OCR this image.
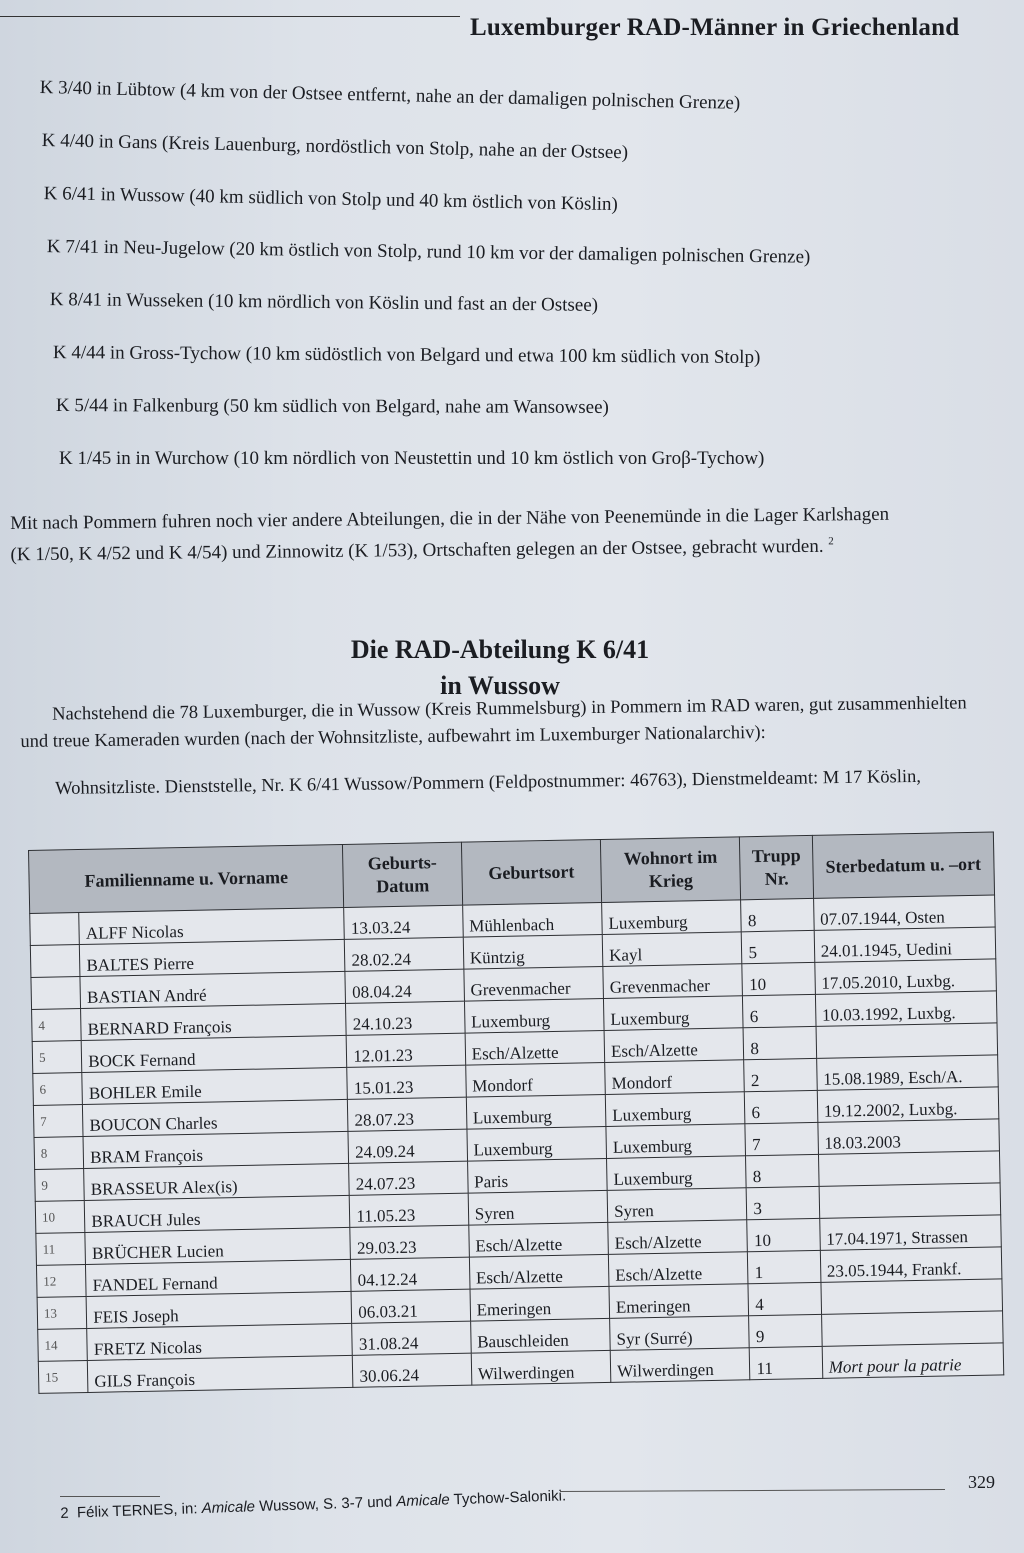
Luxemburger RAD-Männer in Griechenland
K 3/40 in Lübtow (4 km von der Ostsee entfernt, nahe an der damaligen polnischen Grenze)
K 4/40 in Gans (Kreis Lauenburg, nordöstlich von Stolp, nahe an der Ostsee)
K 6/41 in Wussow (40 km südlich von Stolp und 40 km östlich von Köslin)
K 7/41 in Neu-Jugelow (20 km östlich von Stolp, rund 10 km vor der damaligen polnischen Grenze)
K 8/41 in Wusseken (10 km nördlich von Köslin und fast an der Ostsee)
K 4/44 in Gross-Tychow (10 km südöstlich von Belgard und etwa 100 km südlich von Stolp)
K 5/44 in Falkenburg (50 km südlich von Belgard, nahe am Wansowsee)
K 1/45 in in Wurchow (10 km nördlich von Neustettin und 10 km östlich von Groβ-Tychow)
Mit nach Pommern fuhren noch vier andere Abteilungen, die in der Nähe von Peenemünde in die Lager Karlshagen
(K 1/50, K 4/52 und K 4/54) und Zinnowitz (K 1/53), Ortschaften gelegen an der Ostsee, gebracht wurden. $^2$
Die RAD-Abteilung K 6/41
in Wussow
Nachstehend die 78 Luxemburger, die in Wussow (Kreis Rummelsburg) in Pommern im RAD waren, gut zusammenhielten
und treue Kameraden wurden (nach der Wohnsitzliste, aufbewahrt im Luxemburger Nationalarchiv):
Wohnsitzliste. Dienststelle, Nr. K 6/41 Wussow/Pommern (Feldpostnummer: 46763), Dienstmeldeamt: M 17 Köslin,
Familienname u. Vorname		Geburts-Datum	Geburtsort	Wohnort im Krieg	Trupp Nr.	Sterbedatum u. –ort
	ALFF Nicolas	13.03.24	Mühlenbach	Luxemburg	8	07.07.1944, Osten
	BALTES Pierre	28.02.24	Küntzig	Kayl	5	24.01.1945, Uedini
	BASTIAN André	08.04.24	Grevenmacher	Grevenmacher	10	17.05.2010, Luxbg.
4	BERNARD François	24.10.23	Luxemburg	Luxemburg	6	10.03.1992, Luxbg.
5	BOCK Fernand	12.01.23	Esch/Alzette	Esch/Alzette	8	
6	BOHLER Emile	15.01.23	Mondorf	Mondorf	2	15.08.1989, Esch/A.
7	BOUCON Charles	28.07.23	Luxemburg	Luxemburg	6	19.12.2002, Luxbg.
8	BRAM François	24.09.24	Luxemburg	Luxemburg	7	18.03.2003
9	BRASSEUR Alex(is)	24.07.23	Paris	Luxemburg	8	
10	BRAUCH Jules	11.05.23	Syren	Syren	3	
11	BRÜCHER Lucien	29.03.23	Esch/Alzette	Esch/Alzette	10	17.04.1971, Strassen
12	FANDEL Fernand	04.12.24	Esch/Alzette	Esch/Alzette	1	23.05.1944, Frankf.
13	FEIS Joseph	06.03.21	Emeringen	Emeringen	4	
14	FRETZ Nicolas	31.08.24	Bauschleiden	Syr (Surré)	9	
15	GILS François	30.06.24	Wilwerdingen	Wilwerdingen	11	Mort pour la patrie
329
2 Félix TERNES, in: Amicale Wussow, S. 3-7 und Amicale Tychow-Saloniki.
